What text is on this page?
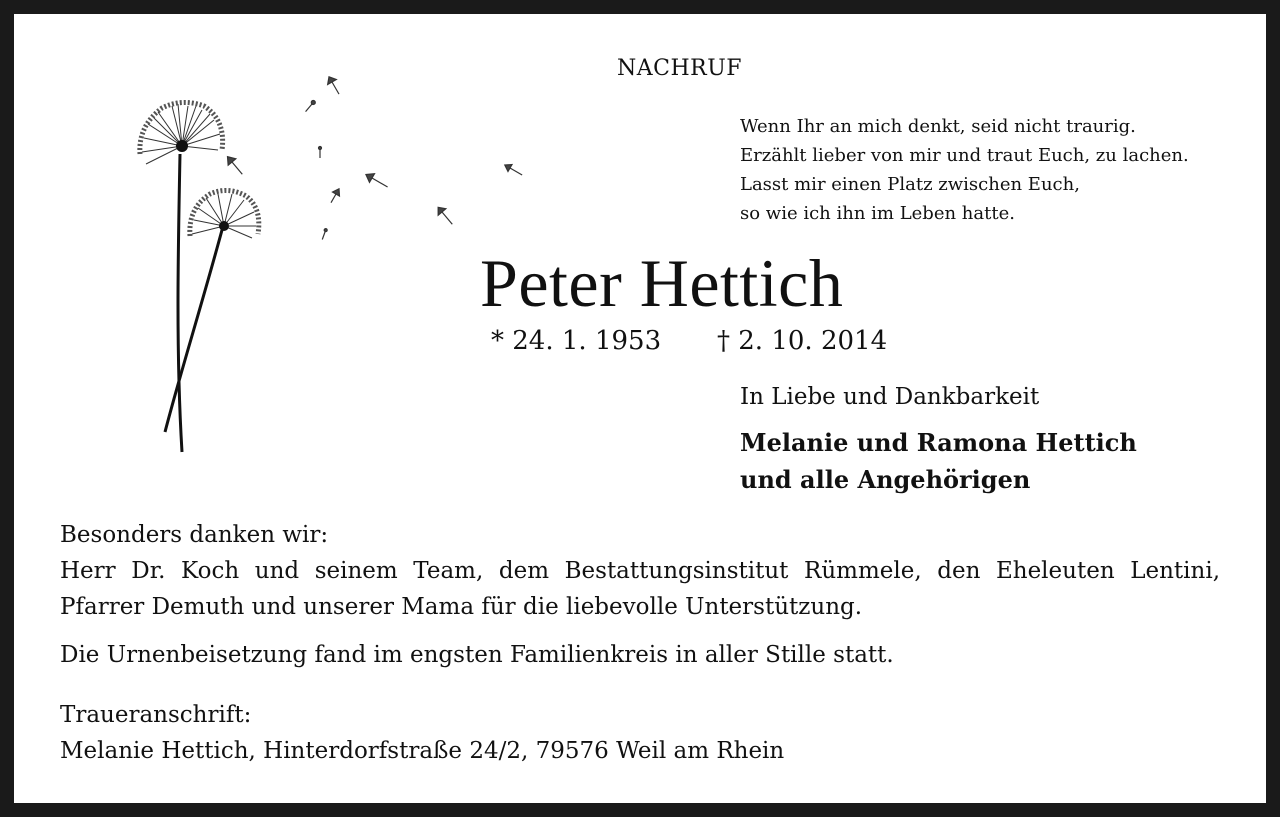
NACHRUF
Wenn Ihr an mich denkt, seid nicht traurig.
Erzählt lieber von mir und traut Euch, zu lachen.
Lasst mir einen Platz zwischen Euch,
so wie ich ihn im Leben hatte.
Peter Hettich
* 24. 1. 1953 † 2. 10. 2014
In Liebe und Dankbarkeit
Melanie und Ramona Hettich
und alle Angehörigen
Besonders danken wir:
Herr Dr. Koch und seinem Team, dem Bestattungsinstitut Rümmele, den Eheleuten Lentini,
Pfarrer Demuth und unserer Mama für die liebevolle Unterstützung.
Die Urnenbeisetzung fand im engsten Familienkreis in aller Stille statt.
Traueranschrift:
Melanie Hettich, Hinterdorfstraße 24/2, 79576 Weil am Rhein
